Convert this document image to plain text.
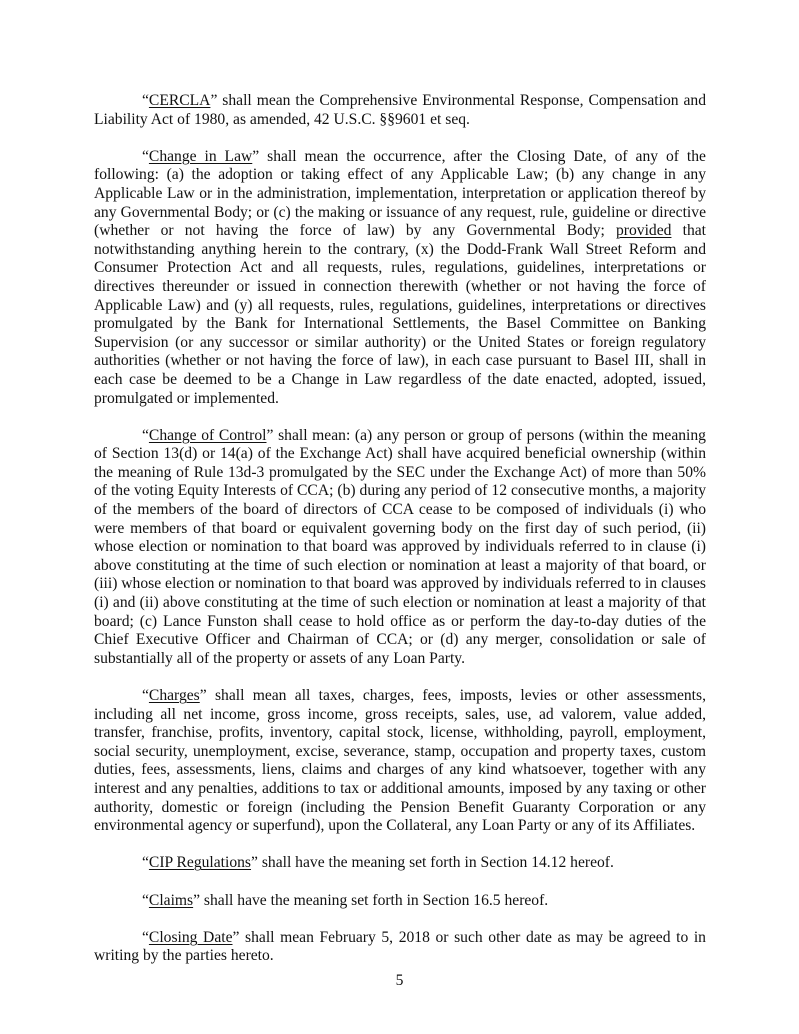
“CERCLA” shall mean the Comprehensive Environmental Response, Compensation and Liability Act of 1980, as amended, 42 U.S.C. §§9601 et seq.

“Change in Law” shall mean the occurrence, after the Closing Date, of any of the following: (a) the adoption or taking effect of any Applicable Law; (b) any change in any Applicable Law or in the administration, implementation, interpretation or application thereof by any Governmental Body; or (c) the making or issuance of any request, rule, guideline or directive (whether or not having the force of law) by any Governmental Body; provided that notwithstanding anything herein to the contrary, (x) the Dodd-Frank Wall Street Reform and Consumer Protection Act and all requests, rules, regulations, guidelines, interpretations or directives thereunder or issued in connection therewith (whether or not having the force of Applicable Law) and (y) all requests, rules, regulations, guidelines, interpretations or directives promulgated by the Bank for International Settlements, the Basel Committee on Banking Supervision (or any successor or similar authority) or the United States or foreign regulatory authorities (whether or not having the force of law), in each case pursuant to Basel III, shall in each case be deemed to be a Change in Law regardless of the date enacted, adopted, issued, promulgated or implemented.

“Change of Control” shall mean: (a) any person or group of persons (within the meaning of Section 13(d) or 14(a) of the Exchange Act) shall have acquired beneficial ownership (within the meaning of Rule 13d-3 promulgated by the SEC under the Exchange Act) of more than 50% of the voting Equity Interests of CCA; (b) during any period of 12 consecutive months, a majority of the members of the board of directors of CCA cease to be composed of individuals (i) who were members of that board or equivalent governing body on the first day of such period, (ii) whose election or nomination to that board was approved by individuals referred to in clause (i) above constituting at the time of such election or nomination at least a majority of that board, or (iii) whose election or nomination to that board was approved by individuals referred to in clauses (i) and (ii) above constituting at the time of such election or nomination at least a majority of that board; (c) Lance Funston shall cease to hold office as or perform the day-to-day duties of the Chief Executive Officer and Chairman of CCA; or (d) any merger, consolidation or sale of substantially all of the property or assets of any Loan Party.

“Charges” shall mean all taxes, charges, fees, imposts, levies or other assessments, including all net income, gross income, gross receipts, sales, use, ad valorem, value added, transfer, franchise, profits, inventory, capital stock, license, withholding, payroll, employment, social security, unemployment, excise, severance, stamp, occupation and property taxes, custom duties, fees, assessments, liens, claims and charges of any kind whatsoever, together with any interest and any penalties, additions to tax or additional amounts, imposed by any taxing or other authority, domestic or foreign (including the Pension Benefit Guaranty Corporation or any environmental agency or superfund), upon the Collateral, any Loan Party or any of its Affiliates.

“CIP Regulations” shall have the meaning set forth in Section 14.12 hereof.

“Claims” shall have the meaning set forth in Section 16.5 hereof.

“Closing Date” shall mean February 5, 2018 or such other date as may be agreed to in writing by the parties hereto.

5
